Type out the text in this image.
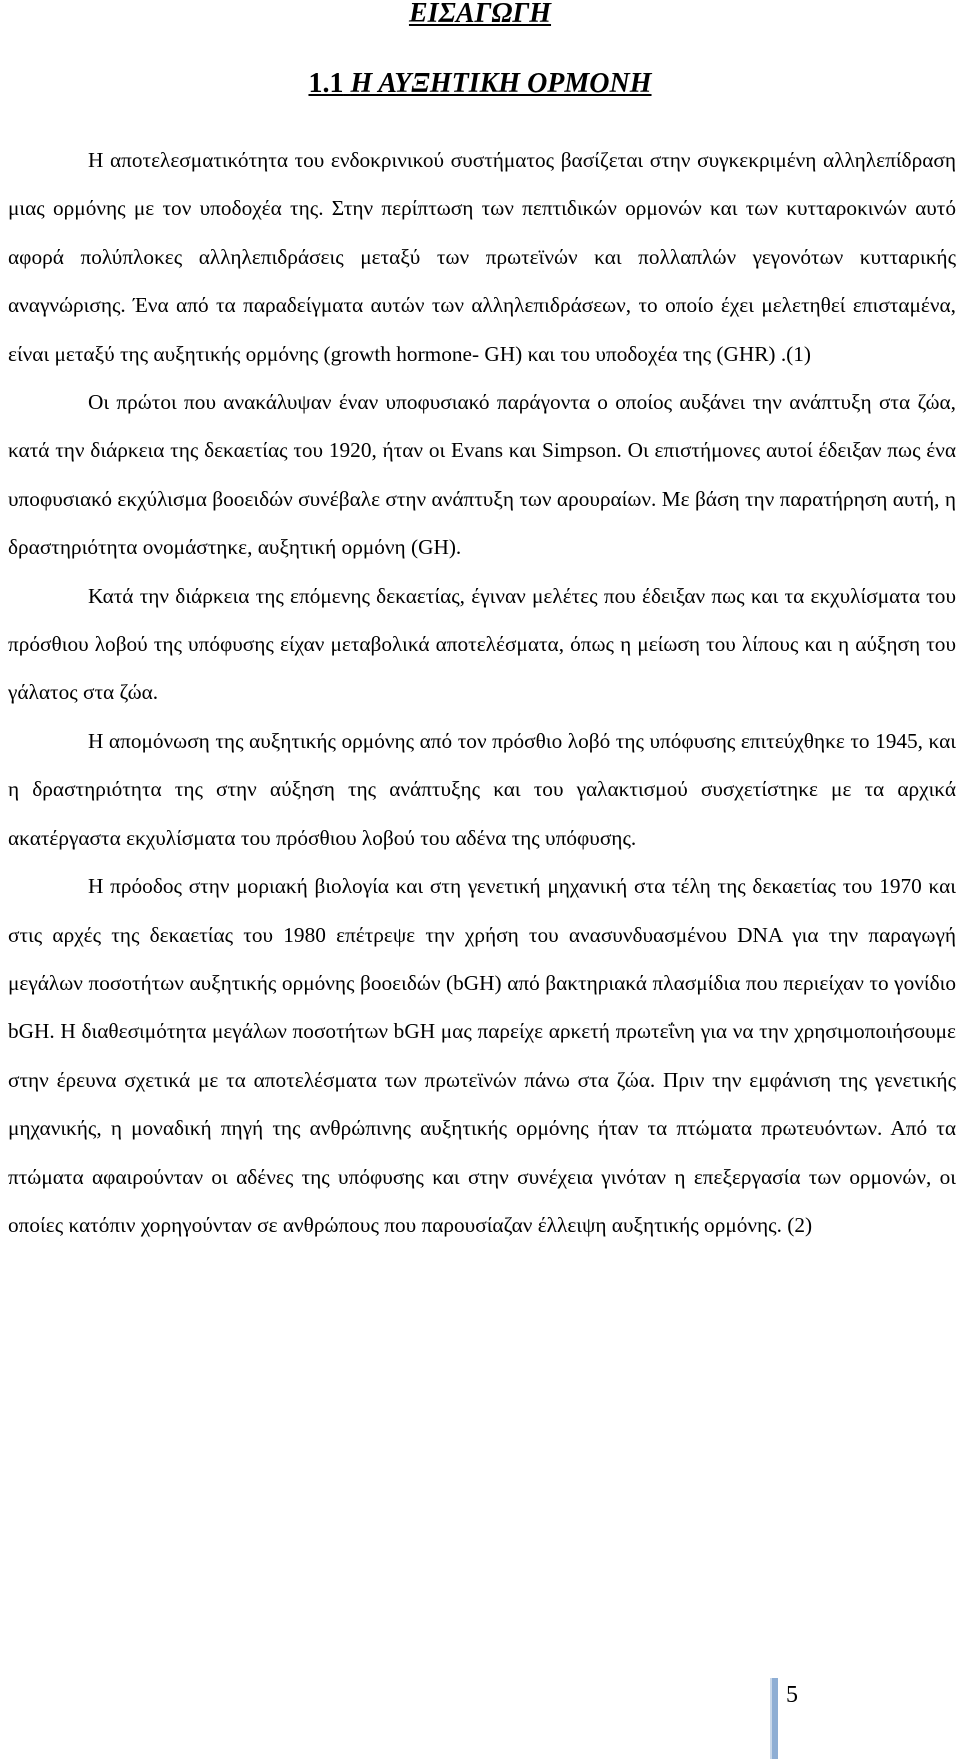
ΕΙΣΑΓΩΓΗ
1.1 Η ΑΥΞΗΤΙΚΗ ΟΡΜΟΝΗ

Η αποτελεσματικότητα του ενδοκρινικού συστήματος βασίζεται στην συγκεκριμένη αλληλεπίδραση μιας ορμόνης με τον υποδοχέα της. Στην περίπτωση των πεπτιδικών ορμονών και των κυτταροκινών αυτό αφορά πολύπλοκες αλληλεπιδράσεις μεταξύ των πρωτεϊνών και πολλαπλών γεγονότων κυτταρικής αναγνώρισης. Ένα από τα παραδείγματα αυτών των αλληλεπιδράσεων, το οποίο έχει μελετηθεί επισταμένα, είναι μεταξύ της αυξητικής ορμόνης (growth hormone- GH) και του υποδοχέα της (GHR) .(1)

Οι πρώτοι που ανακάλυψαν έναν υποφυσιακό παράγοντα ο οποίος αυξάνει την ανάπτυξη στα ζώα, κατά την διάρκεια της δεκαετίας του 1920, ήταν οι Evans και Simpson. Οι επιστήμονες αυτοί έδειξαν πως ένα υποφυσιακό εκχύλισμα βοοειδών συνέβαλε στην ανάπτυξη των αρουραίων. Με βάση την παρατήρηση αυτή, η δραστηριότητα ονομάστηκε, αυξητική ορμόνη (GH).

Κατά την διάρκεια της επόμενης δεκαετίας, έγιναν μελέτες που έδειξαν πως και τα εκχυλίσματα του πρόσθιου λοβού της υπόφυσης είχαν μεταβολικά αποτελέσματα, όπως η μείωση του λίπους και η αύξηση του γάλατος στα ζώα.

Η απομόνωση της αυξητικής ορμόνης από τον πρόσθιο λοβό της υπόφυσης επιτεύχθηκε το 1945, και η δραστηριότητα της στην αύξηση της ανάπτυξης και του γαλακτισμού συσχετίστηκε με τα αρχικά ακατέργαστα εκχυλίσματα του πρόσθιου λοβού του αδένα της υπόφυσης.

Η πρόοδος στην μοριακή βιολογία και στη γενετική μηχανική στα τέλη της δεκαετίας του 1970 και στις αρχές της δεκαετίας του 1980 επέτρεψε την χρήση του ανασυνδυασμένου DNA για την παραγωγή μεγάλων ποσοτήτων αυξητικής ορμόνης βοοειδών (bGH) από βακτηριακά πλασμίδια που περιείχαν το γονίδιο bGH. Η διαθεσιμότητα μεγάλων ποσοτήτων bGH μας παρείχε αρκετή πρωτεΐνη για να την χρησιμοποιήσουμε στην έρευνα σχετικά με τα αποτελέσματα των πρωτεϊνών πάνω στα ζώα. Πριν την εμφάνιση της γενετικής μηχανικής, η μοναδική πηγή της ανθρώπινης αυξητικής ορμόνης ήταν τα πτώματα πρωτευόντων. Από τα πτώματα αφαιρούνταν οι αδένες της υπόφυσης και στην συνέχεια γινόταν η επεξεργασία των ορμονών, οι οποίες κατόπιν χορηγούνταν σε ανθρώπους που παρουσίαζαν έλλειψη αυξητικής ορμόνης. (2)

5
